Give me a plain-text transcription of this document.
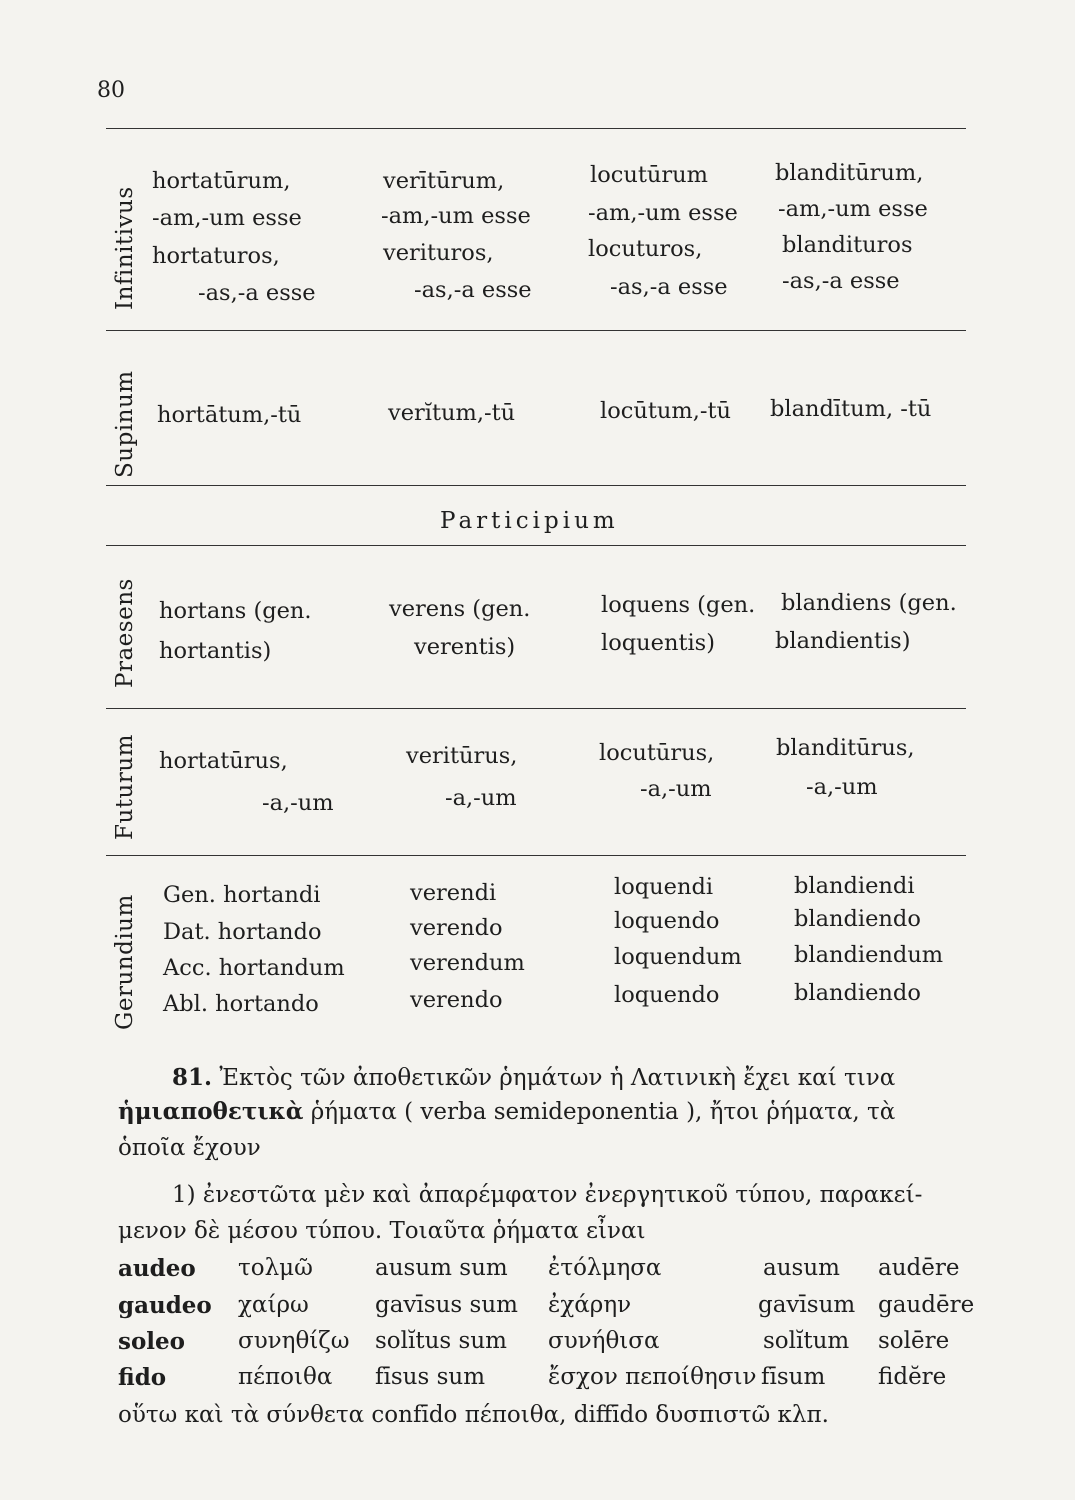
80
Infinitivus
hortatūrum,	verītūrum,	locutūrum	blanditūrum,
-am,-um esse	-am,-um esse	-am,-um esse -am,-um esse
hortaturos,	verituros,	locuturos,	blandituros
-as,-a esse	-as,-a esse	-as,-a esse -as,-a esse
Supinum hortātum,-tū	verĭtum,-tū	locūtum,-tū blandītum, -tū
Participium
Praesens hortans (gen.	verens (gen.	loquens (gen. blandiens (gen.
hortantis)	verentis)	loquentis)	blandientis)
Futurum hortatūrus,	veritūrus,	locutūrus,	blanditūrus,
-a,-um	-a,-um	-a,-um	-a,-um
Gerundium Gen. hortandi	verendi	loquendi	blandiendi
Dat. hortando	verendo	loquendo	blandiendo
Acc. hortandum	verendum	loquendum blandiendum
Abl. hortando	verendo	loquendo	blandiendo
81. Ἐκτὸς τῶν ἀποθετικῶν ῥημάτων ἡ Λατινικὴ ἔχει καί τινα
ἡμιαποθετικὰ ῥήματα ( verba semideponentia ), ἤτοι ῥήματα, τὰ
ὁποῖα ἔχουν
1) ἐνεστῶτα μὲν καὶ ἀπαρέμφατον ἐνεργητικοῦ τύπου, παρακεί-
μενον δὲ μέσου τύπου. Τοιαῦτα ῥήματα εἶναι
audeo τολμῶ	ausum sum ἐτόλμησα	ausum audēre
gaudeo χαίρω	gavīsus sum ἐχάρην	gavīsum gaudēre
soleo συνηθίζω solĭtus sum συνήθισα	solĭtum solēre
fido	πέποιθα fīsus sum	ἔσχον πεποίθησιν fīsum fidĕre
οὕτω καὶ τὰ σύνθετα confīdo πέποιθα, diffīdo δυσπιστῶ κλπ.
